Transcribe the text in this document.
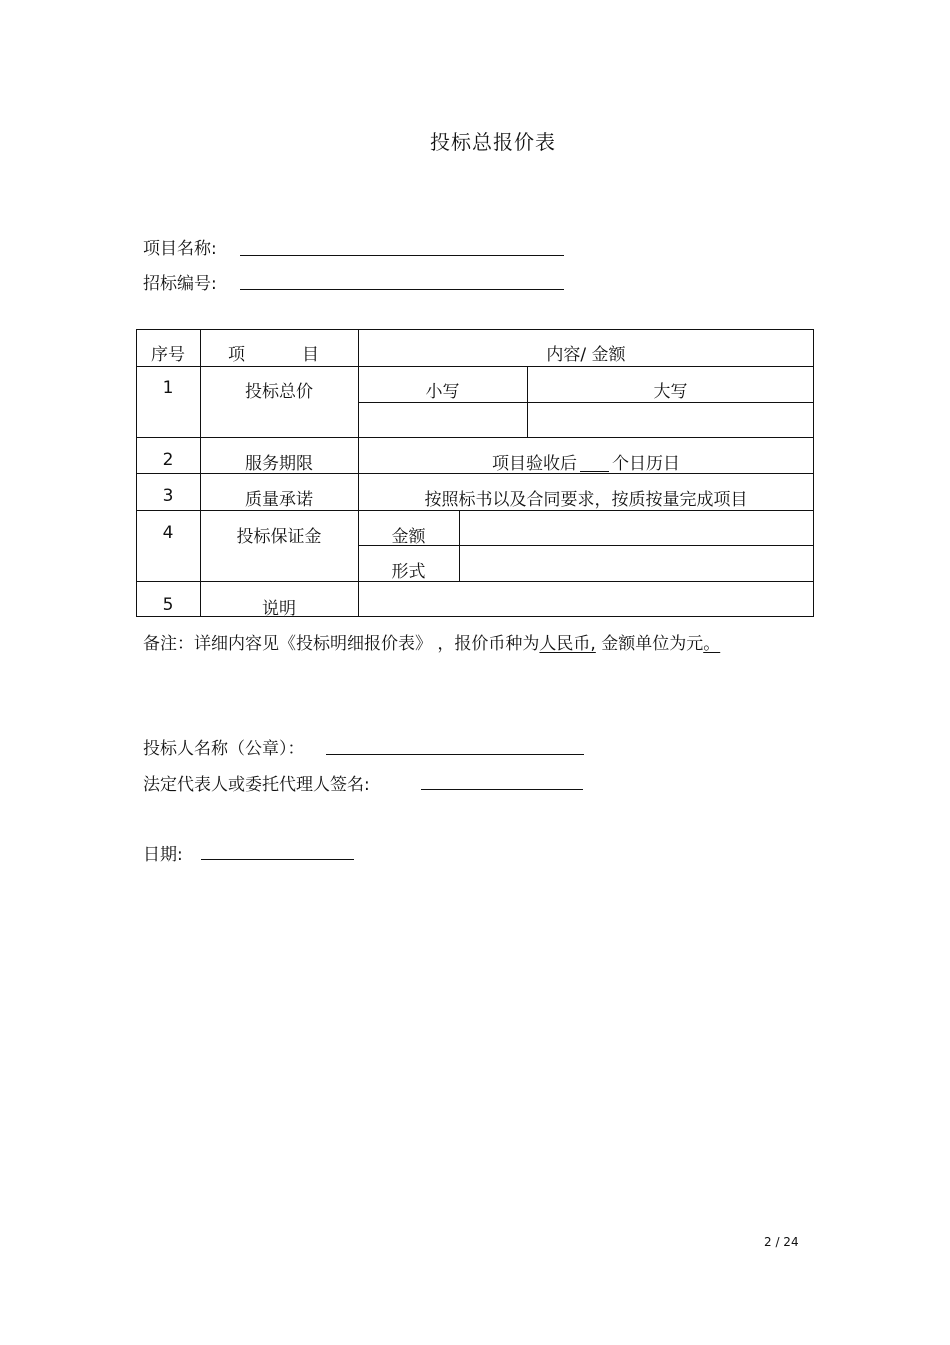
投标总报价表
项目名称:
招标编号:
序号	项	目	内容/ 金额
1	投标总价	小写	大写
2	服务期限	项目验收后 个日历日
3	质量承诺	按照标书以及合同要求，按质按量完成项目
4	投标保证金	金额
形式
5	说明
备注：详细内容见《投标明细报价表》 ，报价币种为人民币, 金额单位为元。
投标人名称（公章）：
法定代表人或委托代理人签名:
日期:
2 / 24
